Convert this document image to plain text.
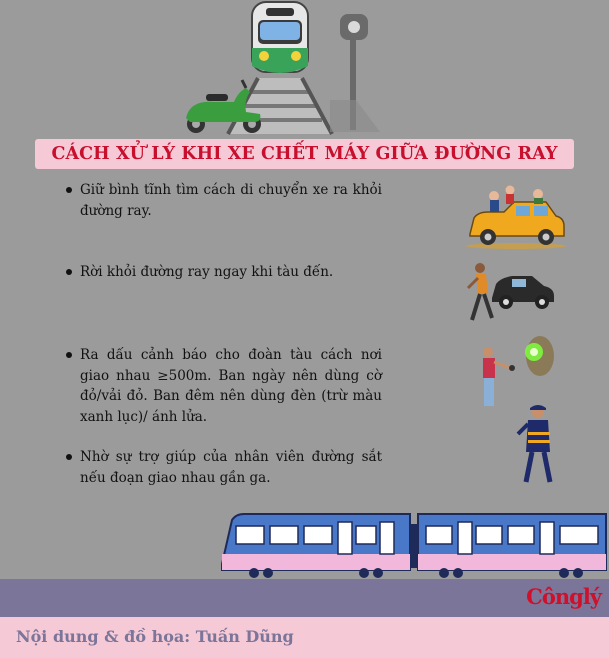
CÁCH XỬ LÝ KHI XE CHẾT MÁY GIỮA ĐƯỜNG RAY
Giữ bình tĩnh tìm cách di chuyển xe ra khỏi đường ray.
Rời khỏi đường ray ngay khi tàu đến.
Ra dấu cảnh báo cho đoàn tàu cách nơi giao nhau ≥500m. Ban ngày nên dùng cờ đỏ/vải đỏ. Ban đêm nên dùng đèn (trừ màu xanh lục)/ ánh lửa.
Nhờ sự trợ giúp của nhân viên đường sắt nếu đoạn giao nhau gần ga.
Cônglý
Nội dung & đồ họa: Tuấn Dũng
